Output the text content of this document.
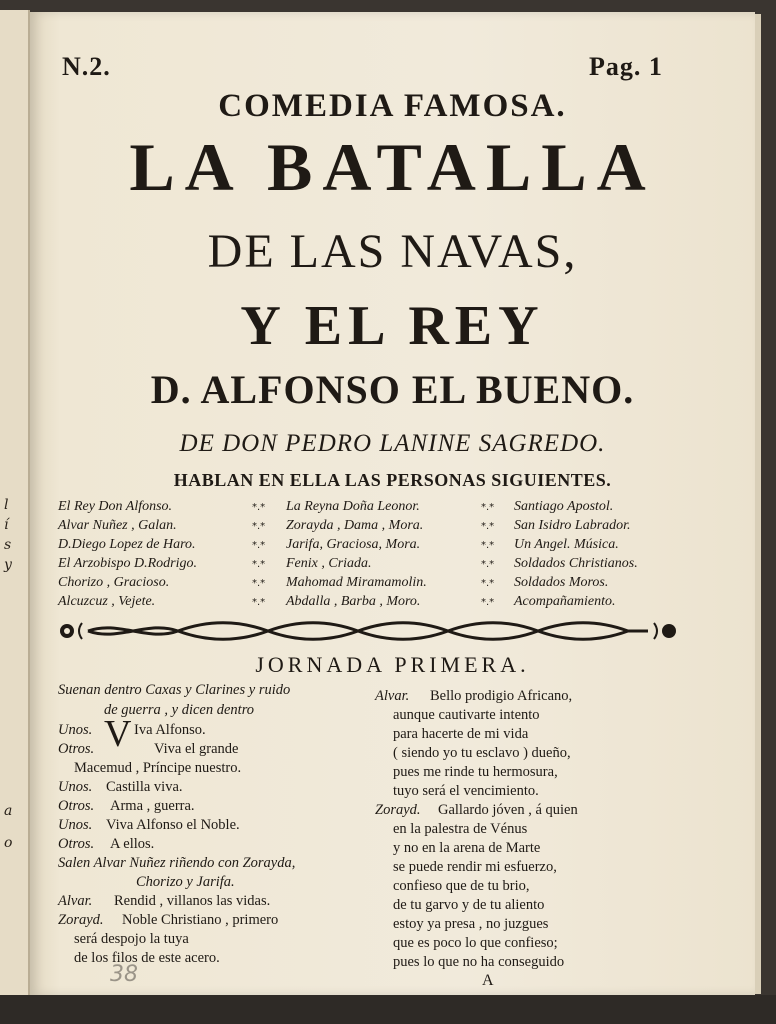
l
í
s
y
a
o
N.2.	Pag. 1
COMEDIA FAMOSA.
LA BATALLA
DE LAS NAVAS,
Y EL REY
D. ALFONSO EL BUENO.
DE DON PEDRO LANINE SAGREDO.
HABLAN EN ELLA LAS PERSONAS SIGUIENTES.
El Rey Don Alfonso.
Alvar Nuñez , Galan.
D.Diego Lopez de Haro.
El Arzobispo D.Rodrigo.
Chorizo , Gracioso.
Alcuzcuz , Vejete.
*.*
*.*
*.*
*.*
*.*
*.*
La Reyna Doña Leonor.
Zorayda , Dama , Mora.
Jarifa, Graciosa, Mora.
Fenix , Criada.
Mahomad Miramamolin.
Abdalla , Barba , Moro.
*.*
*.*
*.*
*.*
*.*
*.*
Santiago Apostol.
San Isidro Labrador.
Un Angel. Música.
Soldados Christianos.
Soldados Moros.
Acompañamiento.
JORNADA PRIMERA.
Suenan dentro Caxas y Clarines y ruido
de guerra , y dicen dentro
Unos. V Iva Alfonso.
Otros.	Viva el grande
Macemud , Príncipe nuestro.
Unos. Castilla viva.
Otros. Arma , guerra.
Unos. Viva Alfonso el Noble.
Otros. A ellos.
Salen Alvar Nuñez riñendo con Zorayda,
Chorizo y Jarifa.
Alvar. Rendid , villanos las vidas.
Zorayd. Noble Christiano , primero
será despojo la tuya
de los filos de este acero.
Alvar. Bello prodigio Africano,
aunque cautivarte intento
para hacerte de mi vida
( siendo yo tu esclavo ) dueño,
pues me rinde tu hermosura,
tuyo será el vencimiento.
Zorayd. Gallardo jóven , á quien
en la palestra de Vénus
y no en la arena de Marte
se puede rendir mi esfuerzo,
confieso que de tu brio,
de tu garvo y de tu aliento
estoy ya presa , no juzgues
que es poco lo que confieso;
pues lo que no ha conseguido
A
38
